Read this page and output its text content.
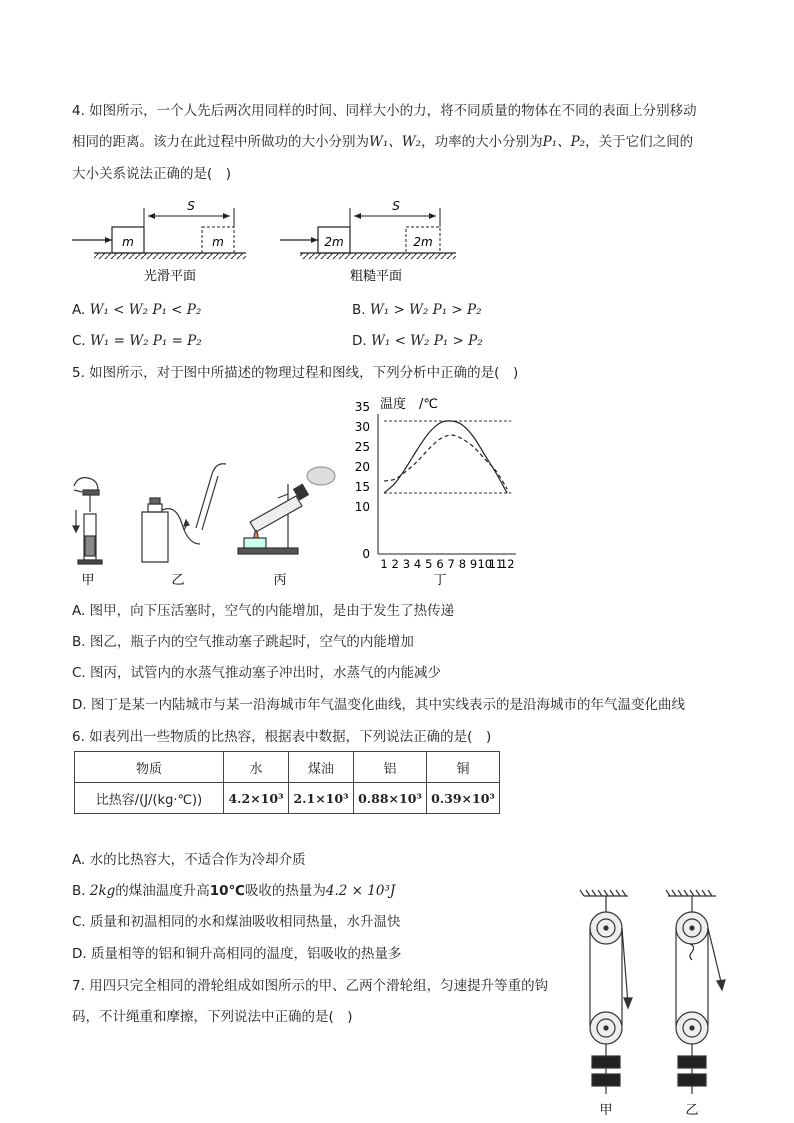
4. 如图所示，一个人先后两次用同样的时间、同样大小的力，将不同质量的物体在不同的表面上分别移动
相同的距离。该力在此过程中所做功的大小分别为W₁、W₂，功率的大小分别为P₁、P₂，关于它们之间的
大小关系说法正确的是(　)
m
S
m
光滑平面
2m
S
2m
粗糙平面
A. W₁ < W₂ P₁ < P₂	B. W₁ > W₂ P₁ > P₂
C. W₁ = W₂ P₁ = P₂	D. W₁ < W₂ P₁ > P₂
5. 如图所示，对于图中所描述的物理过程和图线，下列分析中正确的是(　)
甲	乙	丙
温度　/℃
0
10
15
20
25
30
35
1 2 3 4 5 6 7 8 9 10
11
12
丁
A. 图甲，向下压活塞时，空气的内能增加，是由于发生了热传递
B. 图乙，瓶子内的空气推动塞子跳起时，空气的内能增加
C. 图丙，试管内的水蒸气推动塞子冲出时，水蒸气的内能减少
D. 图丁是某一内陆城市与某一沿海城市年气温变化曲线，其中实线表示的是沿海城市的年气温变化曲线
6. 如表列出一些物质的比热容，根据表中数据，下列说法正确的是(　)
物质	水	煤油	铝	铜
比热容/(J/(kg·℃))	4.2×10³	2.1×10³	0.88×10³	0.39×10³
A. 水的比热容大，不适合作为冷却介质
B. 2kg的煤油温度升高10℃吸收的热量为4.2 × 10³J
C. 质量和初温相同的水和煤油吸收相同热量，水升温快
D. 质量相等的铝和铜升高相同的温度，铝吸收的热量多
7. 用四只完全相同的滑轮组成如图所示的甲、乙两个滑轮组，匀速提升等重的钩
码，不计绳重和摩擦，下列说法中正确的是(　)
甲	乙
